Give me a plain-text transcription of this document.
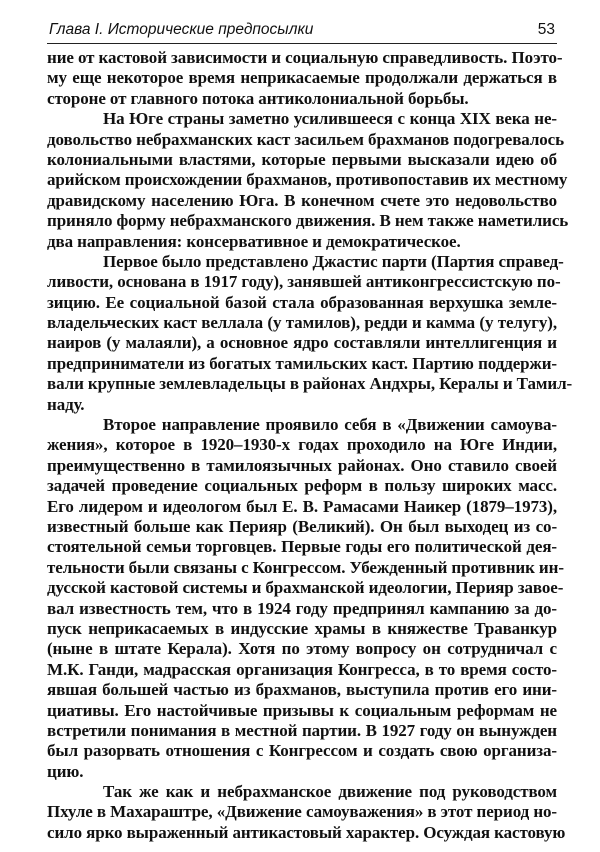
Глава I. Исторические предпосылки	53
ние от кастовой зависимости и социальную справедливость. Поэто-
му еще некоторое время неприкасаемые продолжали держаться в
стороне от главного потока антиколониальной борьбы.
На Юге страны заметно усилившееся с конца XIX века не-
довольство небрахманских каст засильем брахманов подогревалось
колониальными властями, которые первыми высказали идею об
арийском происхождении брахманов, противопоставив их местному
дравидскому населению Юга. В конечном счете это недовольство
приняло форму небрахманского движения. В нем также наметились
два направления: консервативное и демократическое.
Первое было представлено Джастис парти (Партия справед-
ливости, основана в 1917 году), занявшей антиконгрессистскую по-
зицию. Ее социальной базой стала образованная верхушка земле-
владельческих каст веллала (у тамилов), редди и камма (у телугу),
наиров (у малаяли), а основное ядро составляли интеллигенция и
предприниматели из богатых тамильских каст. Партию поддержи-
вали крупные землевладельцы в районах Андхры, Кералы и Тамил-
наду.
Второе направление проявило себя в «Движении самоува-
жения», которое в 1920–1930-х годах проходило на Юге Индии,
преимущественно в тамилоязычных районах. Оно ставило своей
задачей проведение социальных реформ в пользу широких масс.
Его лидером и идеологом был Е. В. Рамасами Наикер (1879–1973),
известный больше как Перияр (Великий). Он был выходец из со-
стоятельной семьи торговцев. Первые годы его политической дея-
тельности были связаны с Конгрессом. Убежденный противник ин-
дусской кастовой системы и брахманской идеологии, Перияр завое-
вал известность тем, что в 1924 году предпринял кампанию за до-
пуск неприкасаемых в индусские храмы в княжестве Траванкур
(ныне в штате Керала). Хотя по этому вопросу он сотрудничал с
М.К. Ганди, мадрасская организация Конгресса, в то время состо-
явшая большей частью из брахманов, выступила против его ини-
циативы. Его настойчивые призывы к социальным реформам не
встретили понимания в местной партии. В 1927 году он вынужден
был разорвать отношения с Конгрессом и создать свою организа-
цию.
Так же как и небрахманское движение под руководством
Пхуле в Махараштре, «Движение самоуважения» в этот период но-
сило ярко выраженный антикастовый характер. Осуждая кастовую
